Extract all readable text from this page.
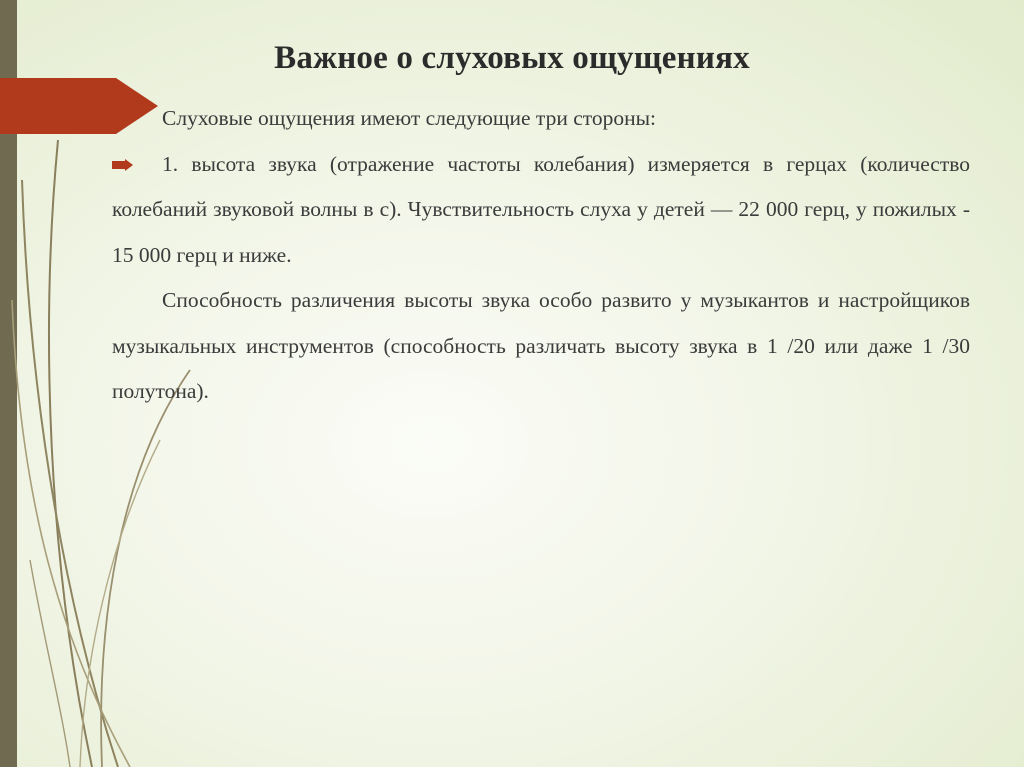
Важное о слуховых ощущениях

Слуховые ощущения имеют следующие три стороны:

1. высота звука (отражение частоты колебания) измеряется в герцах (количество колебаний звуковой волны в с). Чувствительность слуха у детей — 22 000 герц, у пожилых - 15 000 герц и ниже.

Способность различения высоты звука особо развито у музыкантов и настройщиков музыкальных инструментов (способность различать высоту звука в 1 /20 или даже 1 /30 полутона).
